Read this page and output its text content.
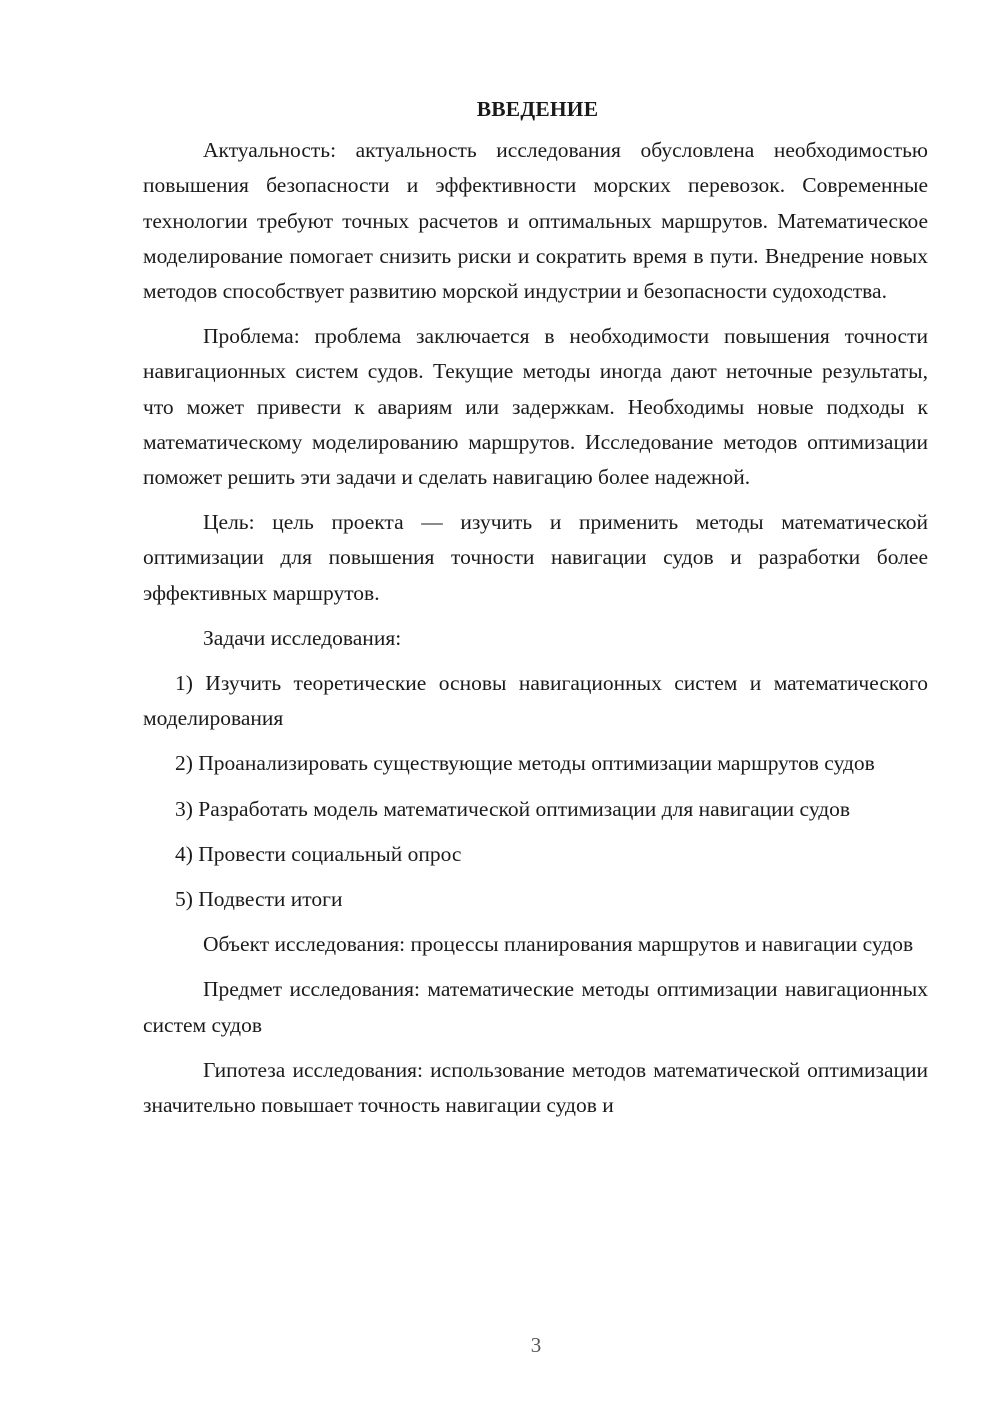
ВВЕДЕНИЕ

Актуальность: актуальность исследования обусловлена необходимостью повышения безопасности и эффективности морских перевозок. Современные технологии требуют точных расчетов и оптимальных маршрутов. Математическое моделирование помогает снизить риски и сократить время в пути. Внедрение новых методов способствует развитию морской индустрии и безопасности судоходства.

Проблема: проблема заключается в необходимости повышения точности навигационных систем судов. Текущие методы иногда дают неточные результаты, что может привести к авариям или задержкам. Необходимы новые подходы к математическому моделированию маршрутов. Исследование методов оптимизации поможет решить эти задачи и сделать навигацию более надежной.

Цель: цель проекта — изучить и применить методы математической оптимизации для повышения точности навигации судов и разработки более эффективных маршрутов.

Задачи исследования:

1) Изучить теоретические основы навигационных систем и математического моделирования

2) Проанализировать существующие методы оптимизации маршрутов судов

3) Разработать модель математической оптимизации для навигации судов

4) Провести социальный опрос

5) Подвести итоги

Объект исследования: процессы планирования маршрутов и навигации судов

Предмет исследования: математические методы оптимизации навигационных систем судов

Гипотеза исследования: использование методов математической оптимизации значительно повышает точность навигации судов и

3
